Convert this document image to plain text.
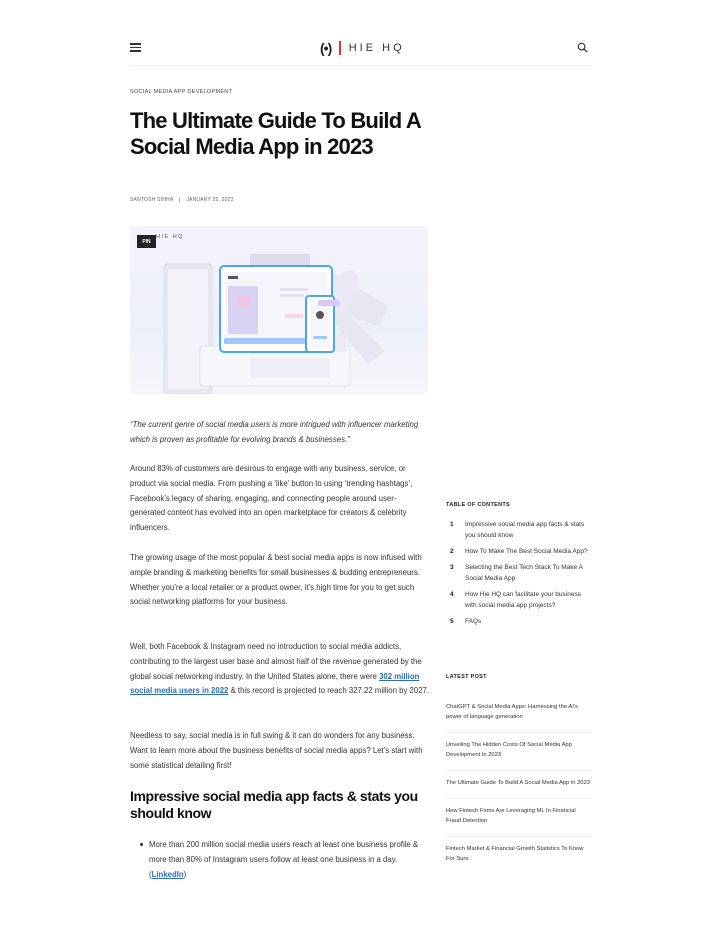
(•) HIE HQ
SOCIAL MEDIA APP DEVELOPMENT
The Ultimate Guide To Build A Social Media App in 2023
SANTOSH SINHA	JANUARY 25, 2023
HIE HQ
PIN

“The current genre of social media users is more intrigued with influencer marketing which is proven as profitable for evolving brands & businesses.”

Around 83% of customers are desirous to engage with any business, service, or product via social media. From pushing a ‘like’ button to using ‘trending hashtags’, Facebook’s legacy of sharing, engaging, and connecting people around user-generated content has evolved into an open marketplace for creators & celebrity influencers.

The growing usage of the most popular & best social media apps is now infused with ample branding & marketing benefits for small businesses & budding entrepreneurs. Whether you’re a local retailer or a product owner, it’s high time for you to get such social networking platforms for your business.

Well, both Facebook & Instagram need no introduction to social media addicts, contributing to the largest user base and almost half of the revenue generated by the global social networking industry. In the United States alone, there were 302 million social media users in 2022 & this record is projected to reach 327.22 million by 2027.

Needless to say, social media is in full swing & it can do wonders for any business. Want to learn more about the business benefits of social media apps? Let’s start with some statistical detailing first!

Impressive social media app facts & stats you should know

More than 200 million social media users reach at least one business profile & more than 80% of Instagram users follow at least one business in a day.(LinkedIn)

TABLE OF CONTENTS
1 Impressive social media app facts & stats you should know
2 How To Make The Best Social Media App?
3 Selecting the Best Tech Stack To Make A Social Media App
4 How Hie HQ can facilitate your business with social media app projects?
5 FAQs
LATEST POST
ChatGPT & Social Media Apps: Harnessing the AI’s power of language generation
Unveiling The Hidden Costs Of Social Media App Development In 2023
The Ultimate Guide To Build A Social Media App in 2023
How Fintech Firms Are Leveraging ML In Financial Fraud Detection
Fintech Market & Financial Growth Statistics To Know For Sure
